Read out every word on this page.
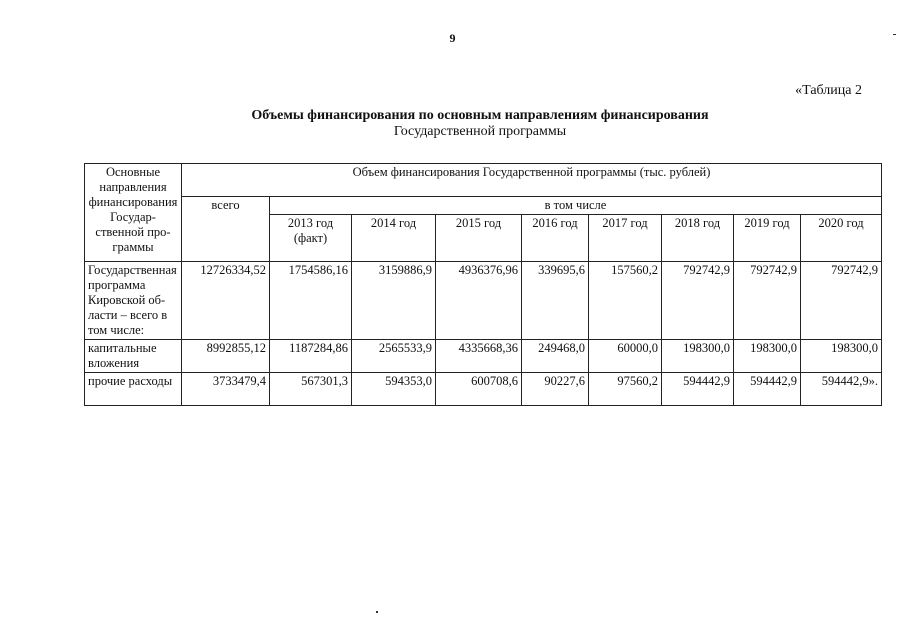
9
«Таблица 2
Объемы финансирования по основным направлениям финансирования
Государственной программы
Основные направления финансирования Государственной программы	Объем финансирования Государственной программы (тыс. рублей)								
	всего	в том числе							
		2013 год (факт)	2014 год	2015 год	2016 год	2017 год	2018 год	2019 год	2020 год
Государственная программа Кировской области – всего в том числе:	12726334,52	1754586,16	3159886,9	4936376,96	339695,6	157560,2	792742,9	792742,9	792742,9
капитальные вложения	8992855,12	1187284,86	2565533,9	4335668,36	249468,0	60000,0	198300,0	198300,0	198300,0
прочие расходы	3733479,4	567301,3	594353,0	600708,6	90227,6	97560,2	594442,9	594442,9	594442,9».
